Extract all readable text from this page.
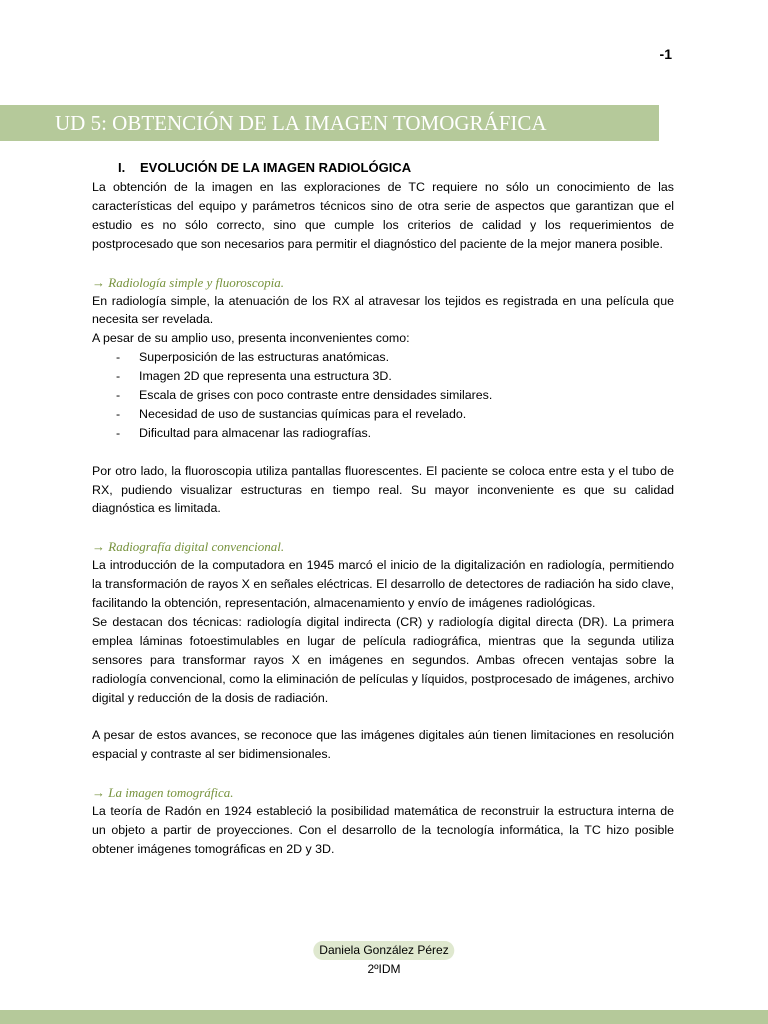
-1
UD 5: OBTENCIÓN DE LA IMAGEN TOMOGRÁFICA
I. EVOLUCIÓN DE LA IMAGEN RADIOLÓGICA

La obtención de la imagen en las exploraciones de TC requiere no sólo un conocimiento de las características del equipo y parámetros técnicos sino de otra serie de aspectos que garantizan que el estudio es no sólo correcto, sino que cumple los criterios de calidad y los requerimientos de postprocesado que son necesarios para permitir el diagnóstico del paciente de la mejor manera posible.

→ Radiología simple y fluoroscopia.

En radiología simple, la atenuación de los RX al atravesar los tejidos es registrada en una película que necesita ser revelada.

A pesar de su amplio uso, presenta inconvenientes como:

- Superposición de las estructuras anatómicas.
- Imagen 2D que representa una estructura 3D.
- Escala de grises con poco contraste entre densidades similares.
- Necesidad de uso de sustancias químicas para el revelado.
- Dificultad para almacenar las radiografías.

Por otro lado, la fluoroscopia utiliza pantallas fluorescentes. El paciente se coloca entre esta y el tubo de RX, pudiendo visualizar estructuras en tiempo real. Su mayor inconveniente es que su calidad diagnóstica es limitada.

→ Radiografía digital convencional.

La introducción de la computadora en 1945 marcó el inicio de la digitalización en radiología, permitiendo la transformación de rayos X en señales eléctricas. El desarrollo de detectores de radiación ha sido clave, facilitando la obtención, representación, almacenamiento y envío de imágenes radiológicas.

Se destacan dos técnicas: radiología digital indirecta (CR) y radiología digital directa (DR). La primera emplea láminas fotoestimulables en lugar de película radiográfica, mientras que la segunda utiliza sensores para transformar rayos X en imágenes en segundos. Ambas ofrecen ventajas sobre la radiología convencional, como la eliminación de películas y líquidos, postprocesado de imágenes, archivo digital y reducción de la dosis de radiación.

A pesar de estos avances, se reconoce que las imágenes digitales aún tienen limitaciones en resolución espacial y contraste al ser bidimensionales.

→ La imagen tomográfica.

La teoría de Radón en 1924 estableció la posibilidad matemática de reconstruir la estructura interna de un objeto a partir de proyecciones. Con el desarrollo de la tecnología informática, la TC hizo posible obtener imágenes tomográficas en 2D y 3D.

Daniela González Pérez
2ºIDM
